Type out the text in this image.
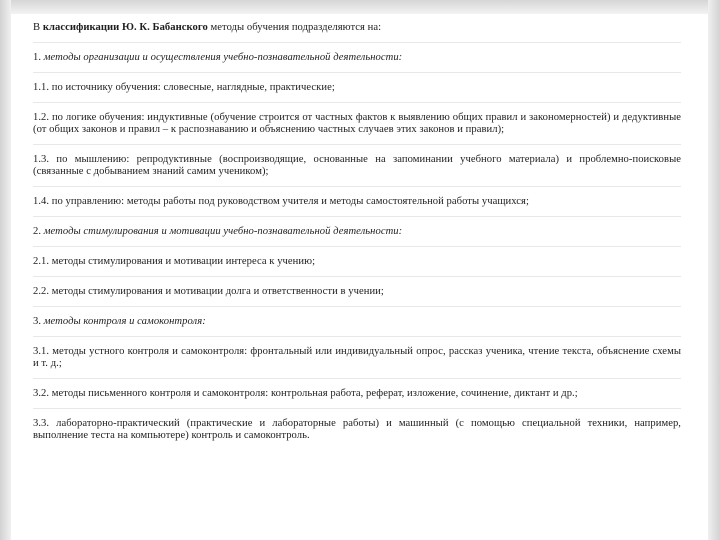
В классификации Ю. К. Бабанского методы обучения подразделяются на:

1. методы организации и осуществления учебно-познавательной деятельности:

1.1. по источнику обучения: словесные, наглядные, практические;

1.2. по логике обучения: индуктивные (обучение строится от частных фактов к выявлению общих правил и закономерностей) и дедуктивные (от общих законов и правил – к распознаванию и объяснению частных случаев этих законов и правил);

1.3. по мышлению: репродуктивные (воспроизводящие, основанные на запоминании учебного материала) и проблемно-поисковые (связанные с добыванием знаний самим учеником);

1.4. по управлению: методы работы под руководством учителя и методы самостоятельной работы учащихся;

2. методы стимулирования и мотивации учебно-познавательной деятельности:

2.1. методы стимулирования и мотивации интереса к учению;

2.2. методы стимулирования и мотивации долга и ответственности в учении;

3. методы контроля и самоконтроля:

3.1. методы устного контроля и самоконтроля: фронтальный или индивидуальный опрос, рассказ ученика, чтение текста, объяснение схемы и т. д.;

3.2. методы письменного контроля и самоконтроля: контрольная работа, реферат, изложение, сочинение, диктант и др.;

3.3. лабораторно-практический (практические и лабораторные работы) и машинный (с помощью специальной техники, например, выполнение теста на компьютере) контроль и самоконтроль.
